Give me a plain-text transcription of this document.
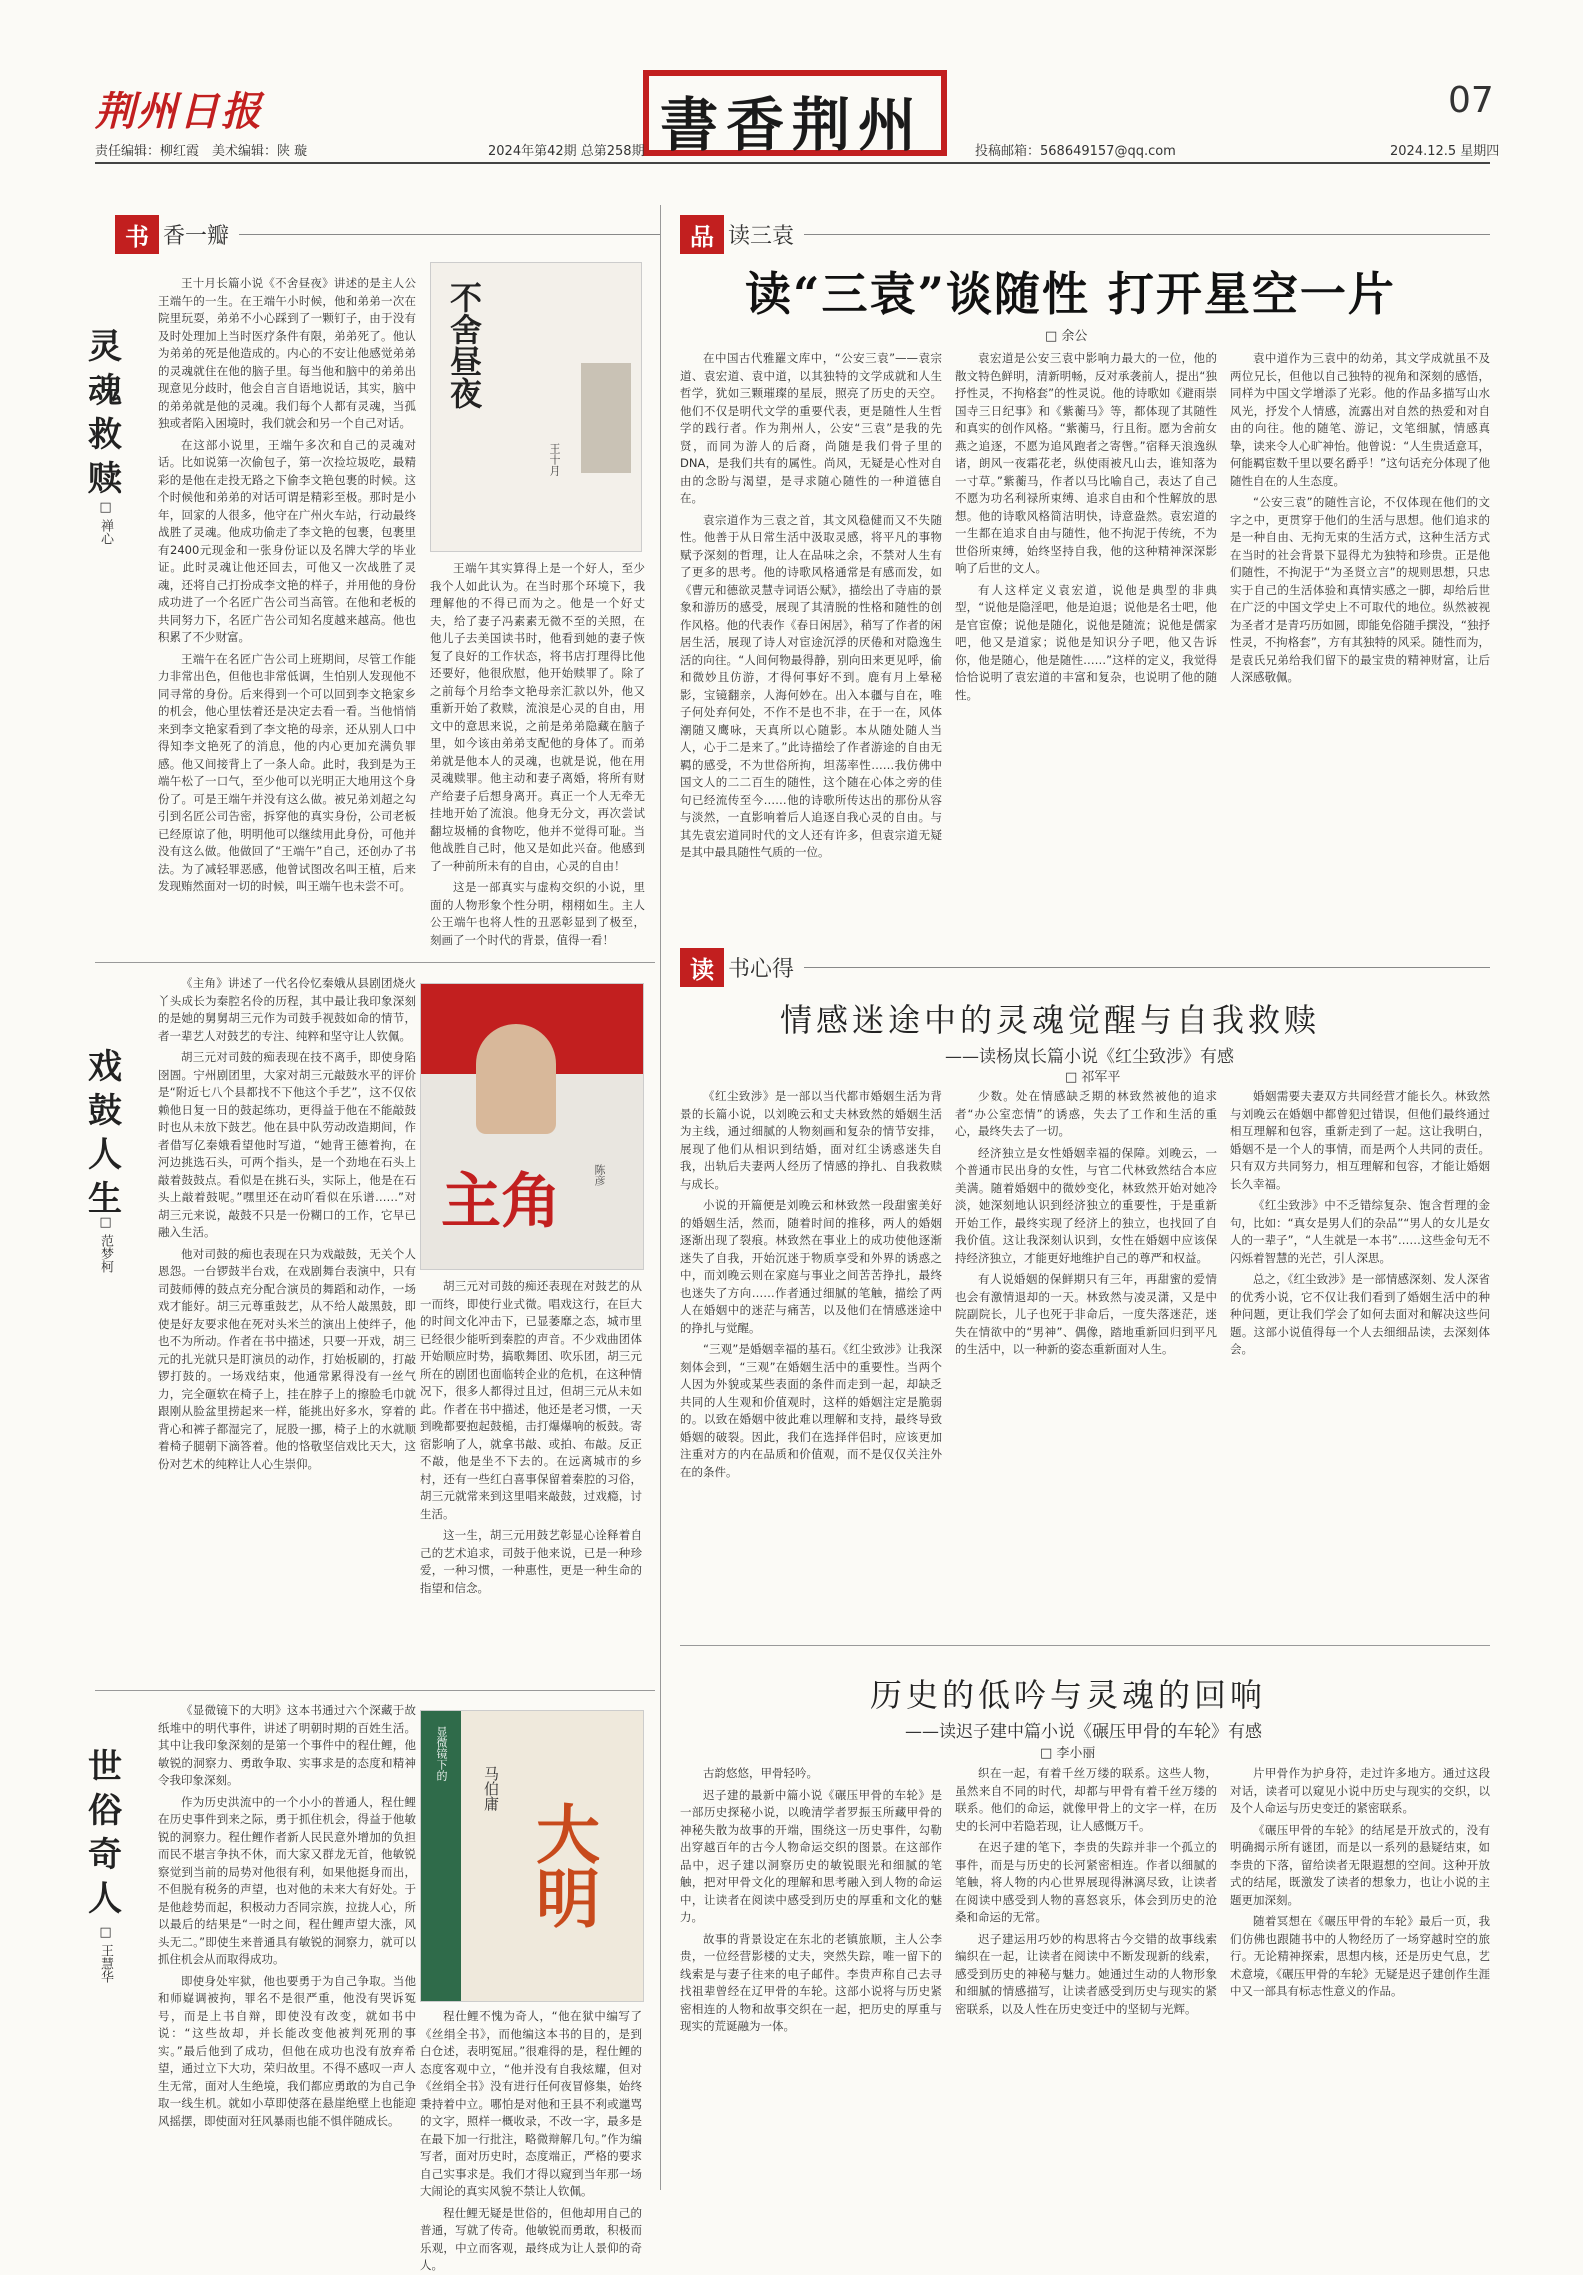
荆州日报	書香荆州	07
责任编辑：柳红霞　美术编辑：陕 璇	2024年第42期 总第258期	投稿邮箱：568649157@qq.com	2024.12.5 星期四
书 香一瓣
灵魂救赎
□ 禅心

王十月长篇小说《不舍昼夜》讲述的是主人公王端午的一生。在王端午小时候，他和弟弟一次在院里玩耍，弟弟不小心踩到了一颗钉子，由于没有及时处理加上当时医疗条件有限，弟弟死了。他认为弟弟的死是他造成的。内心的不安让他感觉弟弟的灵魂就住在他的脑子里。每当他和脑中的弟弟出现意见分歧时，他会自言自语地说话，其实，脑中的弟弟就是他的灵魂。我们每个人都有灵魂，当孤独或者陷入困境时，我们就会和另一个自己对话。

在这部小说里，王端午多次和自己的灵魂对话。比如说第一次偷包子，第一次捡垃圾吃，最精彩的是他在走投无路之下偷李文艳包裹的时候。这个时候他和弟弟的对话可谓是精彩至极。那时是小年，回家的人很多，他守在广州火车站，行动最终战胜了灵魂。他成功偷走了李文艳的包裹，包裹里有2400元现金和一张身份证以及名牌大学的毕业证。此时灵魂让他还回去，可他又一次战胜了灵魂，还将自己打扮成李文艳的样子，并用他的身份成功进了一个名匠广告公司当高管。在他和老板的共同努力下，名匠广告公司知名度越来越高。他也积累了不少财富。

王端午在名匠广告公司上班期间，尽管工作能力非常出色，但他也非常低调，生怕别人发现他不同寻常的身份。后来得到一个可以回到李文艳家乡的机会，他心里怯着还是决定去看一看。当他悄悄来到李文艳家看到了李文艳的母亲，还从别人口中得知李文艳死了的消息，他的内心更加充满负罪感。他又间接背上了一条人命。此时，我到是为王端午松了一口气，至少他可以光明正大地用这个身份了。可是王端午并没有这么做。被兄弟刘超之勾引到名匠公司告密，拆穿他的真实身份，公司老板已经原谅了他，明明他可以继续用此身份，可他并没有这么做。他做回了“王端午”自己，还创办了书法。为了减轻罪恶感，他曾试图改名叫王植，后来发现贿然面对一切的时候，叫王端午也未尝不可。

不舍昼夜
王十月

王端午其实算得上是一个好人，至少我个人如此认为。在当时那个环境下，我理解他的不得已而为之。他是一个好丈夫，给了妻子冯素素无微不至的关照，在他儿子去美国读书时，他看到她的妻子恢复了良好的工作状态，将书店打理得比他还要好，他很欣慰，他开始赎罪了。除了之前每个月给李文艳母亲汇款以外，他又重新开始了救赎，流浪是心灵的自由，用文中的意思来说，之前是弟弟隐藏在脑子里，如今该由弟弟支配他的身体了。而弟弟就是他本人的灵魂，也就是说，他在用灵魂赎罪。他主动和妻子离婚，将所有财产给妻子后想身离开。真正一个人无牵无挂地开始了流浪。他身无分文，再次尝试翻垃圾桶的食物吃，他并不觉得可耻。当他战胜自己时，他又是如此兴奋。他感到了一种前所未有的自由，心灵的自由！

这是一部真实与虚构交织的小说，里面的人物形象个性分明，栩栩如生。主人公王端午也将人性的丑恶彰显到了极至，刻画了一个时代的背景，值得一看！

戏鼓人生
□ 范梦柯

《主角》讲述了一代名伶忆秦娥从县剧团烧火丫头成长为秦腔名伶的历程，其中最让我印象深刻的是她的舅舅胡三元作为司鼓手视鼓如命的情节，者一辈艺人对鼓艺的专注、纯粹和坚守让人钦佩。

胡三元对司鼓的痴表现在技不离手，即使身陷囹圄。宁州剧团里，大家对胡三元敲鼓水平的评价是“附近七八个县都找不下他这个手艺”，这不仅依赖他日复一日的鼓起练功，更得益于他在不能敲鼓时也从未放下鼓艺。他在县中队劳动改造期间，作者借写亿秦娥看望他时写道，“她背王德着拘，在河边挑选石头，可两个指头，是一个劲地在石头上敲着鼓鼓点。看似是在挑石头，实际上，他是在石头上敲着鼓呢。”嘿里还在动吖看似在乐谱……”对胡三元来说，敲鼓不只是一份糊口的工作，它早已融入生活。

他对司鼓的痴也表现在只为戏敲鼓，无关个人恩怨。一台锣鼓半台戏，在戏剧舞台表演中，只有司鼓师傅的鼓点充分配合演员的舞蹈和动作，一场戏才能好。胡三元尊重鼓艺，从不给人敲黑鼓，即使是好友要求他在死对头米兰的演出上使绊子，他也不为所动。作者在书中描述，只要一开戏，胡三元的扎光就只是盯演员的动作，打始板刷的，打敲锣打鼓的。一场戏结束，他通常累得没有一丝气力，完全砸软在椅子上，挂在脖子上的擦脸毛巾就跟刚从脸盆里捞起来一样，能挑出好多水，穿着的背心和裤子都湿完了，屁股一挪，椅子上的水就顺着椅子腿朝下滴答着。他的恪敬坚信戏比天大，这份对艺术的纯粹让人心生崇仰。

主角	陈彦

胡三元对司鼓的痴还表现在对鼓艺的从一而终，即使行业式微。唱戏这行，在巨大的时间文化冲击下，已显萎靡之态，城市里已经很少能听到秦腔的声音。不少戏曲团体开始顺应时势，搞歌舞团、吹乐团，胡三元所在的剧团也面临转企业的危机，在这种情况下，很多人都得过且过，但胡三元从未如此。作者在书中描述，他还是老习惯，一天到晚都要抱起鼓槌，击打爆爆响的板鼓。寄宿影响了人，就拿书敲、或拍、布敲。反正不敲，他是坐不下去的。在远离城市的乡村，还有一些红白喜事保留着秦腔的习俗，胡三元就常来到这里唱来敲鼓，过戏瘾，讨生活。

这一生，胡三元用鼓艺彰显心诠释着自己的艺术追求，司鼓于他来说，已是一种珍爱，一种习惯，一种惠性，更是一种生命的指望和信念。

世俗奇人
□ 王慧华

《显微镜下的大明》这本书通过六个深藏于故纸堆中的明代事件，讲述了明朝时期的百姓生活。其中让我印象深刻的是第一个事件中的程仕鲤，他敏锐的洞察力、勇敢争取、实事求是的态度和精神令我印象深刻。

作为历史洪流中的一个小小的普通人，程仕鲤在历史事件到来之际，勇于抓住机会，得益于他敏锐的洞察力。程仕鲤作者新人民民意外增加的负担而民不堪言争执不休，而大家又群龙无首，他敏锐察觉到当前的局势对他很有利，如果他挺身而出，不但脱有税务的声望，也对他的未来大有好处。于是他趁势而起，积极动力否同宗族，拉拢人心，所以最后的结果是“一时之间，程仕鲤声望大涨，风头无二。”即使生来普通具有敏锐的洞察力，就可以抓住机会从而取得成功。

即使身处牢狱，他也要勇于为自己争取。当他和师嶷调被拘，罪名不是很严重，他没有哭诉冤号，而是上书自辩，即使没有改变，就如书中说：“这些故却，并长能改变他被判死刑的事实。”最后他到了成功，但他在成功也没有放弃希望，通过立下大功，荣归故里。不得不感叹一声人生无常，面对人生绝境，我们都应勇敢的为自己争取一线生机。就如小草即使落在悬崖绝壁上也能迎风摇摆，即使面对狂风暴雨也能不惧伴随成长。

显微镜下的
马伯庸
大明

程仕鲤不愧为奇人，“他在狱中编写了《丝绢全书》，而他编这本书的目的，是到白仓述，表明冤屈。”很难得的是，程仕鲤的态度客观中立，“他并没有自我炫耀，但对《丝绢全书》没有进行任何夜冒修集，始终秉持着中立。哪怕是对他和王县不利或邋骂的文字，照样一概收录，不改一字，最多是在最下加一行批注，略微辩解几句。”作为编写者，面对历史时，态度端正，严格的要求自己实事求是。我们才得以窥到当年那一场大闹论的真实风貌不禁让人钦佩。

程仕鲤无疑是世俗的，但他却用自己的普通，写就了传奇。他敏锐而勇敢，积极而乐观，中立而客观，最终成为让人景仰的奇人。

品 读三袁
读“三袁”谈随性 打开星空一片
□ 余公

在中国古代雅羅文库中，“公安三袁”——袁宗道、袁宏道、袁中道，以其独特的文学成就和人生哲学，犹如三颗璀璨的星辰，照亮了历史的天空。他们不仅是明代文学的重要代表，更是随性人生哲学的践行者。作为荆州人，公安“三袁”是我的先贤，而同为游人的后裔，尚随是我们骨子里的DNA，是我们共有的属性。尚风，无疑是心性对自由的念盼与渴望，是寻求随心随性的一种道德自在。

袁宗道作为三袁之首，其文风稳健而又不失随性。他善于从日常生活中汲取灵感，将平凡的事物赋予深刻的哲理，让人在品味之余，不禁对人生有了更多的思考。他的诗歌风格通常是有感而发，如《曹元和德欲灵慧寺词语公赋》，描绘出了寺庙的景象和游历的感受，展现了其清脱的性格和随性的创作风格。他的代表作《春日闲居》，稍写了作者的闲居生活，展现了诗人对宦途沉浮的厌倦和对隐逸生活的向往。“人间何物最得静，别向田来更见呼，偷和微妙且仿游，才得何事好不到。鹿有月上晕秘影，宝镜翻亲，人海何妙在。出入本疆与自在，唯子何处弃何处，不作不是也不非，在于一在，风体潮随又鹰咏，天真所以心随影。本从随处随人当人，心于二是来了。”此诗描绘了作者游途的自由无羁的感受，不为世俗所拘，坦荡率性……我仿佛中国文人的二二百生的随性，这个随在心体之旁的佳句已经流传至今……他的诗歌所传达出的那份从容与淡然，一直影响着后人追逐自我心灵的自由。与其先袁宏道同时代的文人还有许多，但袁宗道无疑是其中最具随性气质的一位。

袁宏道是公安三袁中影响力最大的一位，他的散文特色鲜明，清新明畅，反对承袭前人，提出“独抒性灵，不拘格套”的性灵说。他的诗歌如《避雨崇国寺三日纪事》和《紫蘅马》等，都体现了其随性和真实的创作风格。“紫蘅马，行且衔。愿为舍前女燕之追逐，不愿为追风跑者之寄辔。”宿释天浪逸纵诸，朗风一夜霜花老，纵使雨被凡山去，谁知落为一寸草。”紫蘅马，作者以马比喻自己，表达了自己不愿为功名利禄所束缚、追求自由和个性解放的思想。他的诗歌风格简洁明快，诗意盎然。袁宏道的一生都在追求自由与随性，他不拘泥于传统，不为世俗所束缚，始终坚持自我，他的这种精神深深影响了后世的文人。

有人这样定义袁宏道，说他是典型的非典型，“说他是隐淫吧，他是迫退；说他是名士吧，他是官宦僚；说他是随化，说他是随流；说他是儒家吧，他又是道家；说他是知识分子吧，他又告诉你，他是随心，他是随性……”这样的定义，我觉得恰恰说明了袁宏道的丰富和复杂，也说明了他的随性。

袁中道作为三袁中的幼弟，其文学成就虽不及两位兄长，但他以自己独特的视角和深刻的感悟，同样为中国文学增添了光彩。他的作品多描写山水风光，抒发个人情感，流露出对自然的热爱和对自由的向往。他的随笔、游记，文笔细腻，情感真挚，读来令人心旷神怡。他曾说：“人生贵适意耳，何能羁宦数千里以要名爵乎！”这句话充分体现了他随性自在的人生态度。

“公安三袁”的随性言论，不仅体现在他们的文字之中，更贯穿于他们的生活与思想。他们追求的是一种自由、无拘无束的生活方式，这种生活方式在当时的社会背景下显得尤为独特和珍贵。正是他们随性，不拘泥于“为圣贤立言”的规则思想，只忠实于自己的生活体验和真情实感之一脚，却给后世在广泛的中国文学史上不可取代的地位。纵然被视为圣者才是青巧历如圆，即能免俗随手撰没，“独抒性灵，不拘格套”，方有其独特的风采。随性而为，是袁氏兄弟给我们留下的最宝贵的精神财富，让后人深感敬佩。

读 书心得
情感迷途中的灵魂觉醒与自我救赎
——读杨岚长篇小说《红尘致涉》有感
□ 祁军平

《红尘致涉》是一部以当代都市婚姻生活为背景的长篇小说，以刘晚云和丈夫林致然的婚姻生活为主线，通过细腻的人物刻画和复杂的情节安排，展现了他们从相识到结婚，面对红尘诱惑迷失自我，出轨后夫妻两人经历了情感的挣扎、自我救赎与成长。

小说的开篇便是刘晚云和林致然一段甜蜜美好的婚姻生活，然而，随着时间的推移，两人的婚姻逐渐出现了裂痕。林致然在事业上的成功使他逐渐迷失了自我，开始沉迷于物质享受和外界的诱惑之中，而刘晚云则在家庭与事业之间苦苦挣扎，最终也迷失了方向……作者通过细腻的笔触，描绘了两人在婚姻中的迷茫与痛苦，以及他们在情感迷途中的挣扎与觉醒。

“三观”是婚姻幸福的基石。《红尘致涉》让我深刻体会到，“三观”在婚姻生活中的重要性。当两个人因为外貌或某些表面的条件而走到一起，却缺乏共同的人生观和价值观时，这样的婚姻注定是脆弱的。以致在婚姻中彼此难以理解和支持，最终导致婚姻的破裂。因此，我们在选择伴侣时，应该更加注重对方的内在品质和价值观，而不是仅仅关注外在的条件。

少数。处在情感缺乏期的林致然被他的追求者“办公室恋情”的诱惑，失去了工作和生活的重心，最终失去了一切。

经济独立是女性婚姻幸福的保障。刘晚云，一个普通市民出身的女性，与官二代林致然结合本应美满。随着婚姻中的微妙变化，林致然开始对她冷淡，她深刻地认识到经济独立的重要性，于是重新开始工作，最终实现了经济上的独立，也找回了自我价值。这让我深刻认识到，女性在婚姻中应该保持经济独立，才能更好地维护自己的尊严和权益。

有人说婚姻的保鲜期只有三年，再甜蜜的爱情也会有激情退却的一天。林致然与凌灵潇，又是中院副院长，儿子也死于非命后，一度失落迷茫，迷失在情欲中的“男神”、偶像，踏地重新回归到平凡的生活中，以一种新的姿态重新面对人生。

婚姻需要夫妻双方共同经营才能长久。林致然与刘晚云在婚姻中都曾犯过错误，但他们最终通过相互理解和包容，重新走到了一起。这让我明白，婚姻不是一个人的事情，而是两个人共同的责任。只有双方共同努力，相互理解和包容，才能让婚姻长久幸福。

《红尘致涉》中不乏错综复杂、饱含哲理的金句，比如：“真女是男人们的杂品”“男人的女儿是女人的一辈子”，“人生就是一本书”……这些金句无不闪烁着智慧的光芒，引人深思。

总之，《红尘致涉》是一部情感深刻、发人深省的优秀小说，它不仅让我们看到了婚姻生活中的种种问题，更让我们学会了如何去面对和解决这些问题。这部小说值得每一个人去细细品读，去深刻体会。

历史的低吟与灵魂的回响
——读迟子建中篇小说《碾压甲骨的车轮》有感
□ 李小丽

古韵悠悠，甲骨轻吟。

迟子建的最新中篇小说《碾压甲骨的车轮》是一部历史探秘小说，以晚清学者罗振玉所藏甲骨的神秘失散为故事的开端，围绕这一历史事件，勾勒出穿越百年的古今人物命运交织的图景。在这部作品中，迟子建以洞察历史的敏锐眼光和细腻的笔触，把对甲骨文化的理解和思考融入到人物的命运中，让读者在阅读中感受到历史的厚重和文化的魅力。

故事的背景设定在东北的老镇旅顺，主人公李贵，一位经营影楼的丈夫，突然失踪，唯一留下的线索是与妻子往来的电子邮件。李贵声称自己去寻找祖辈曾经在辽甲骨的车轮。这部小说将与历史紧密相连的人物和故事交织在一起，把历史的厚重与现实的荒诞融为一体。

织在一起，有着千丝万缕的联系。这些人物，虽然来自不同的时代，却都与甲骨有着千丝万缕的联系。他们的命运，就像甲骨上的文字一样，在历史的长河中若隐若现，让人感慨万千。

在迟子建的笔下，李贵的失踪并非一个孤立的事件，而是与历史的长河紧密相连。作者以细腻的笔触，将人物的内心世界展现得淋漓尽致，让读者在阅读中感受到人物的喜怒哀乐，体会到历史的沧桑和命运的无常。

迟子建运用巧妙的构思将古今交错的故事线索编织在一起，让读者在阅读中不断发现新的线索，感受到历史的神秘与魅力。她通过生动的人物形象和细腻的情感描写，让读者感受到历史与现实的紧密联系，以及人性在历史变迁中的坚韧与光辉。

片甲骨作为护身符，走过许多地方。通过这段对话，读者可以窥见小说中历史与现实的交织，以及个人命运与历史变迁的紧密联系。

《碾压甲骨的车轮》的结尾是开放式的，没有明确揭示所有谜团，而是以一系列的悬疑结束，如李贵的下落，留给读者无限遐想的空间。这种开放式的结尾，既激发了读者的想象力，也让小说的主题更加深刻。

随着冥想在《碾压甲骨的车轮》最后一页，我们仿佛也跟随书中的人物经历了一场穿越时空的旅行。无论精神探索，思想内核，还是历史气息，艺术意境，《碾压甲骨的车轮》无疑是迟子建创作生涯中又一部具有标志性意义的作品。
